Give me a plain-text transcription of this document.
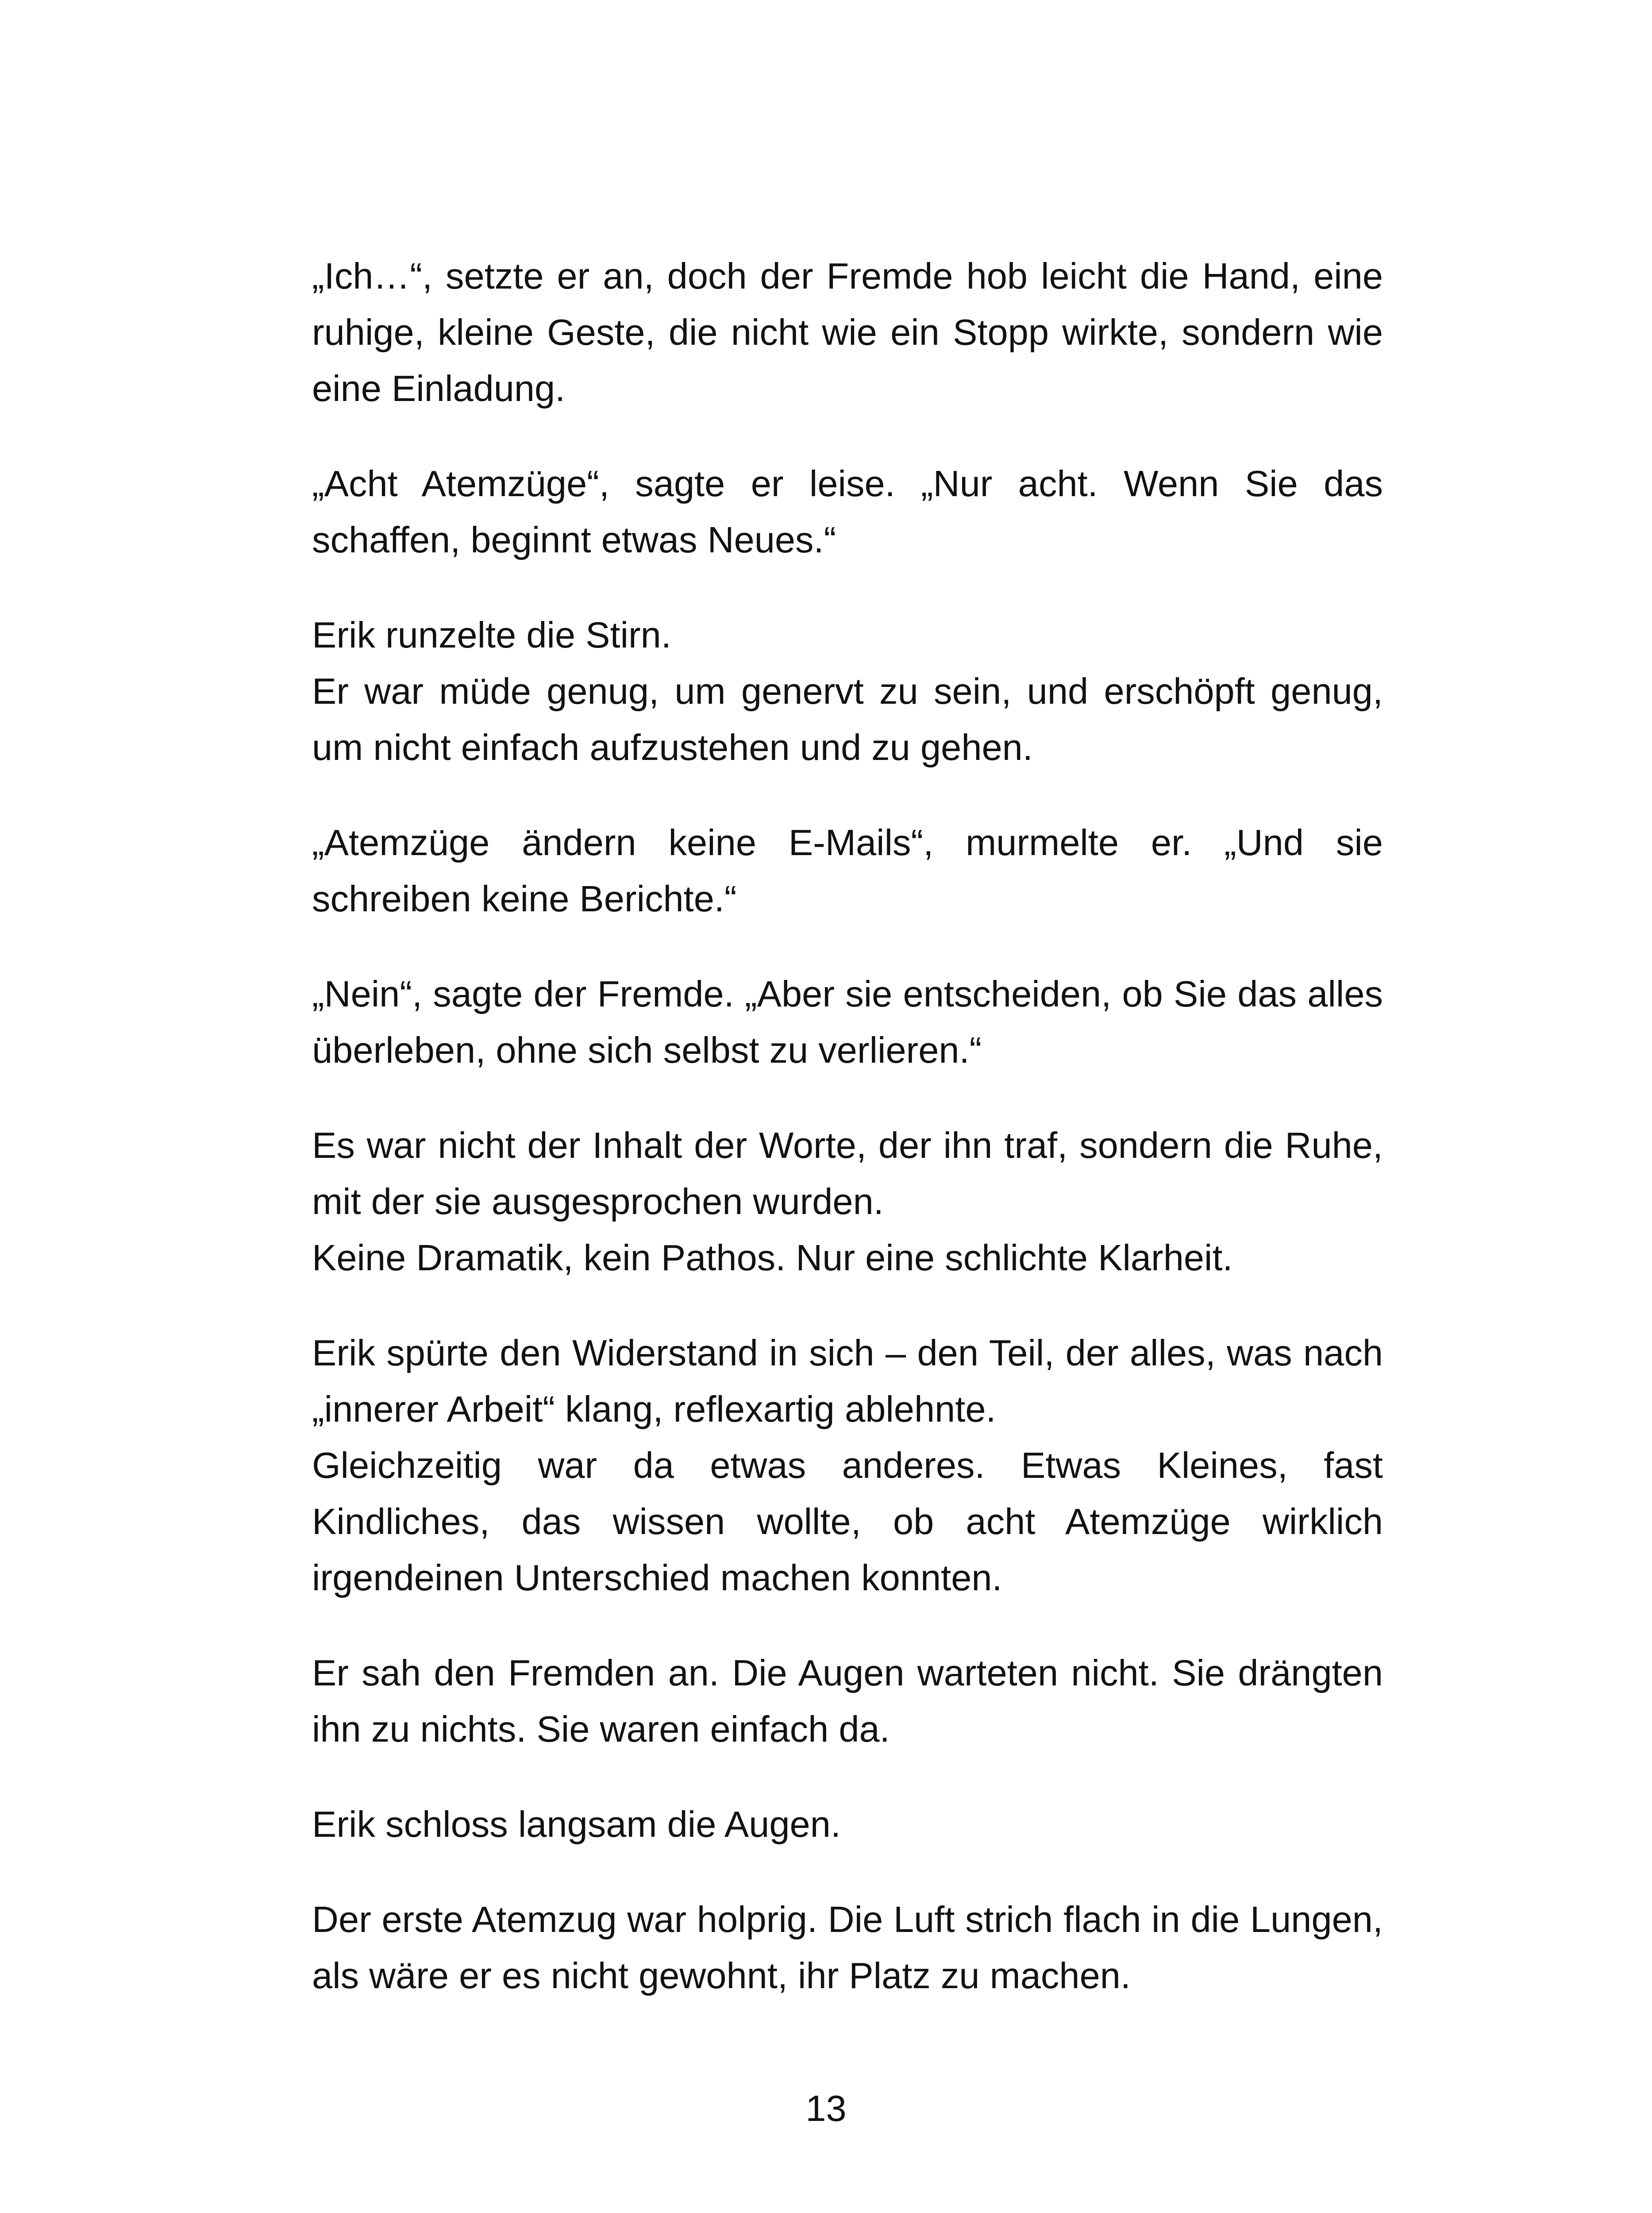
„Ich…“, setzte er an, doch der Fremde hob leicht die Hand, eine ruhige, kleine Geste, die nicht wie ein Stopp wirkte, sondern wie eine Einladung.

„Acht Atemzüge“, sagte er leise. „Nur acht. Wenn Sie das schaffen, beginnt etwas Neues.“

Erik runzelte die Stirn.
Er war müde genug, um genervt zu sein, und erschöpft genug, um nicht einfach aufzustehen und zu gehen.

„Atemzüge ändern keine E-Mails“, murmelte er. „Und sie schreiben keine Berichte.“

„Nein“, sagte der Fremde. „Aber sie entscheiden, ob Sie das alles überleben, ohne sich selbst zu verlieren.“

Es war nicht der Inhalt der Worte, der ihn traf, sondern die Ruhe, mit der sie ausgesprochen wurden.
Keine Dramatik, kein Pathos. Nur eine schlichte Klarheit.

Erik spürte den Widerstand in sich – den Teil, der alles, was nach „innerer Arbeit“ klang, reflexartig ablehnte.
Gleichzeitig war da etwas anderes. Etwas Kleines, fast Kindliches, das wissen wollte, ob acht Atemzüge wirklich irgendeinen Unterschied machen konnten.

Er sah den Fremden an. Die Augen warteten nicht. Sie drängten ihn zu nichts. Sie waren einfach da.

Erik schloss langsam die Augen.

Der erste Atemzug war holprig. Die Luft strich flach in die Lungen, als wäre er es nicht gewohnt, ihr Platz zu machen.

13
